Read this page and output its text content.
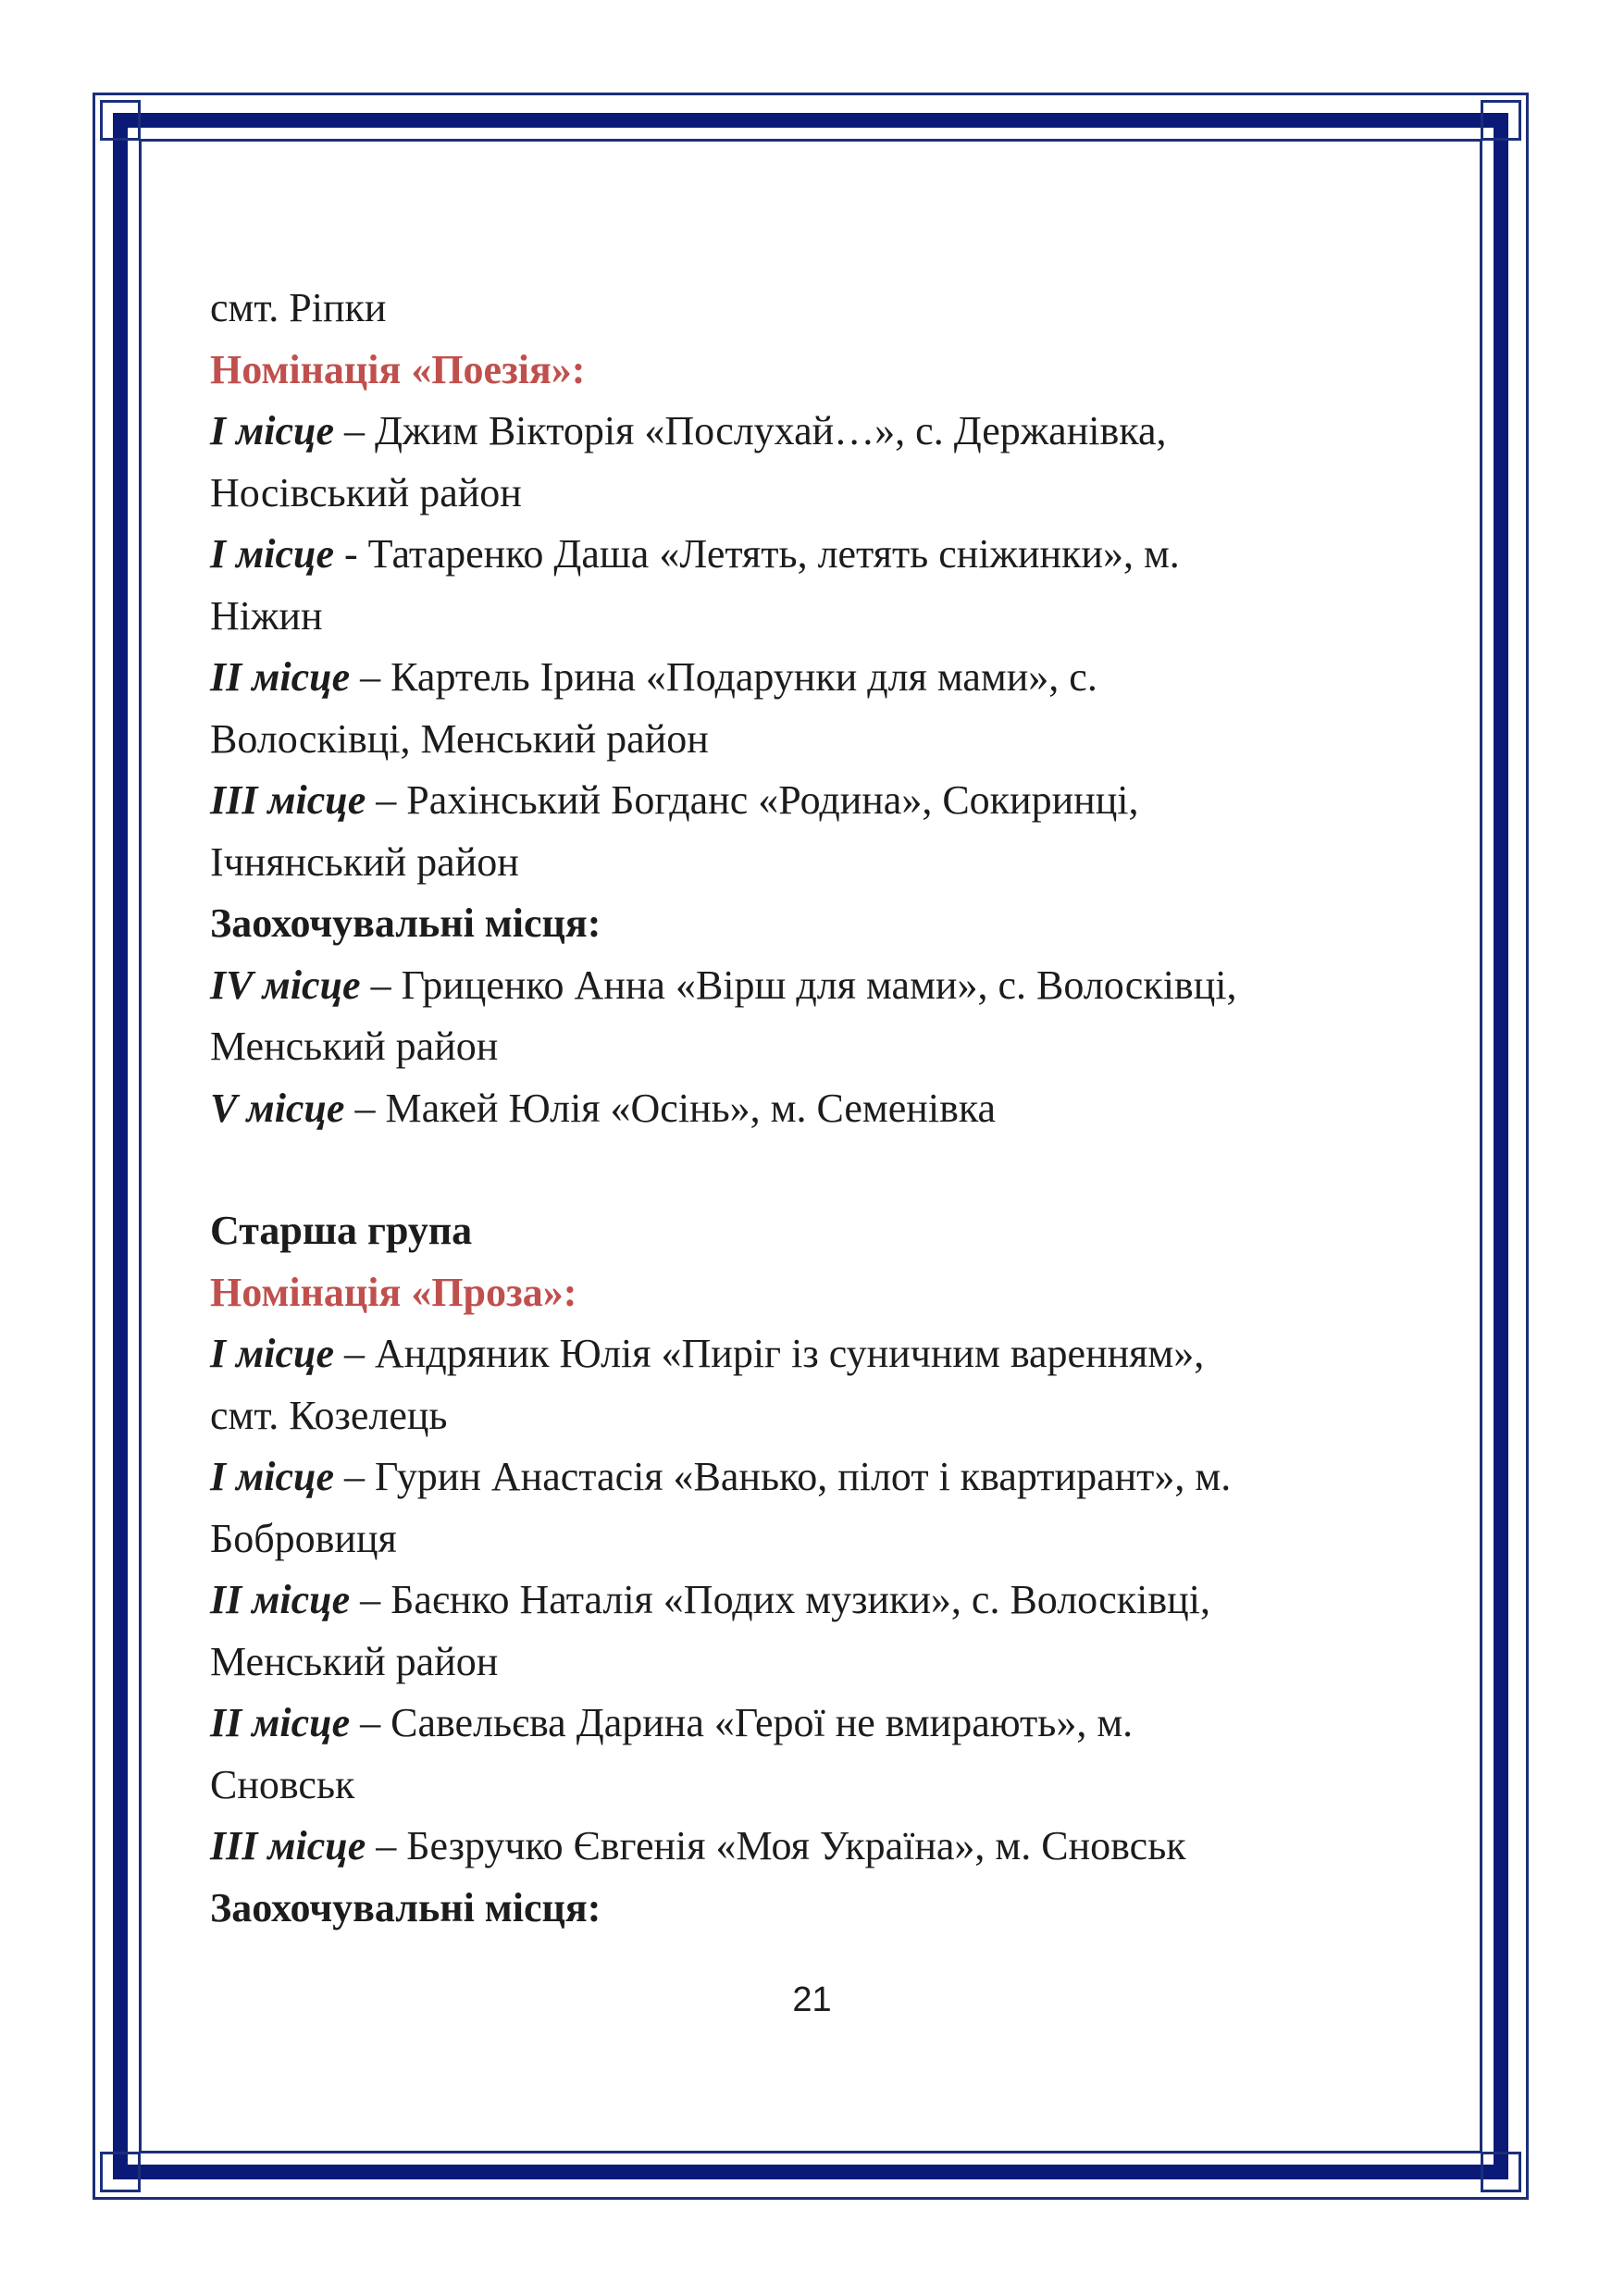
смт. Ріпки
Номінація «Поезія»:
І місце – Джим Вікторія «Послухай…», с. Держанівка,
Носівський район
І місце - Татаренко Даша «Летять, летять сніжинки», м.
Ніжин
ІІ місце – Картель Ірина «Подарунки для мами», с.
Волосківці, Менський район
ІІІ місце – Рахінський Богданс «Родина», Сокиринці,
Ічнянський район
Заохочувальні місця:
ІV місце – Гриценко Анна «Вірш для мами», с. Волосківці,
Менський район
V місце – Макей Юлія «Осінь», м. Семенівка
Старша група
Номінація «Проза»:
І місце – Андряник Юлія «Пиріг із суничним варенням»,
смт. Козелець
І місце – Гурин Анастасія «Ванько, пілот і квартирант», м.
Бобровиця
ІІ місце – Баєнко Наталія «Подих музики», с. Волосківці,
Менський район
ІІ місце – Савельєва Дарина «Герої не вмирають», м.
Сновськ
ІІІ місце – Безручко Євгенія «Моя Україна», м. Сновськ
Заохочувальні місця:
21
